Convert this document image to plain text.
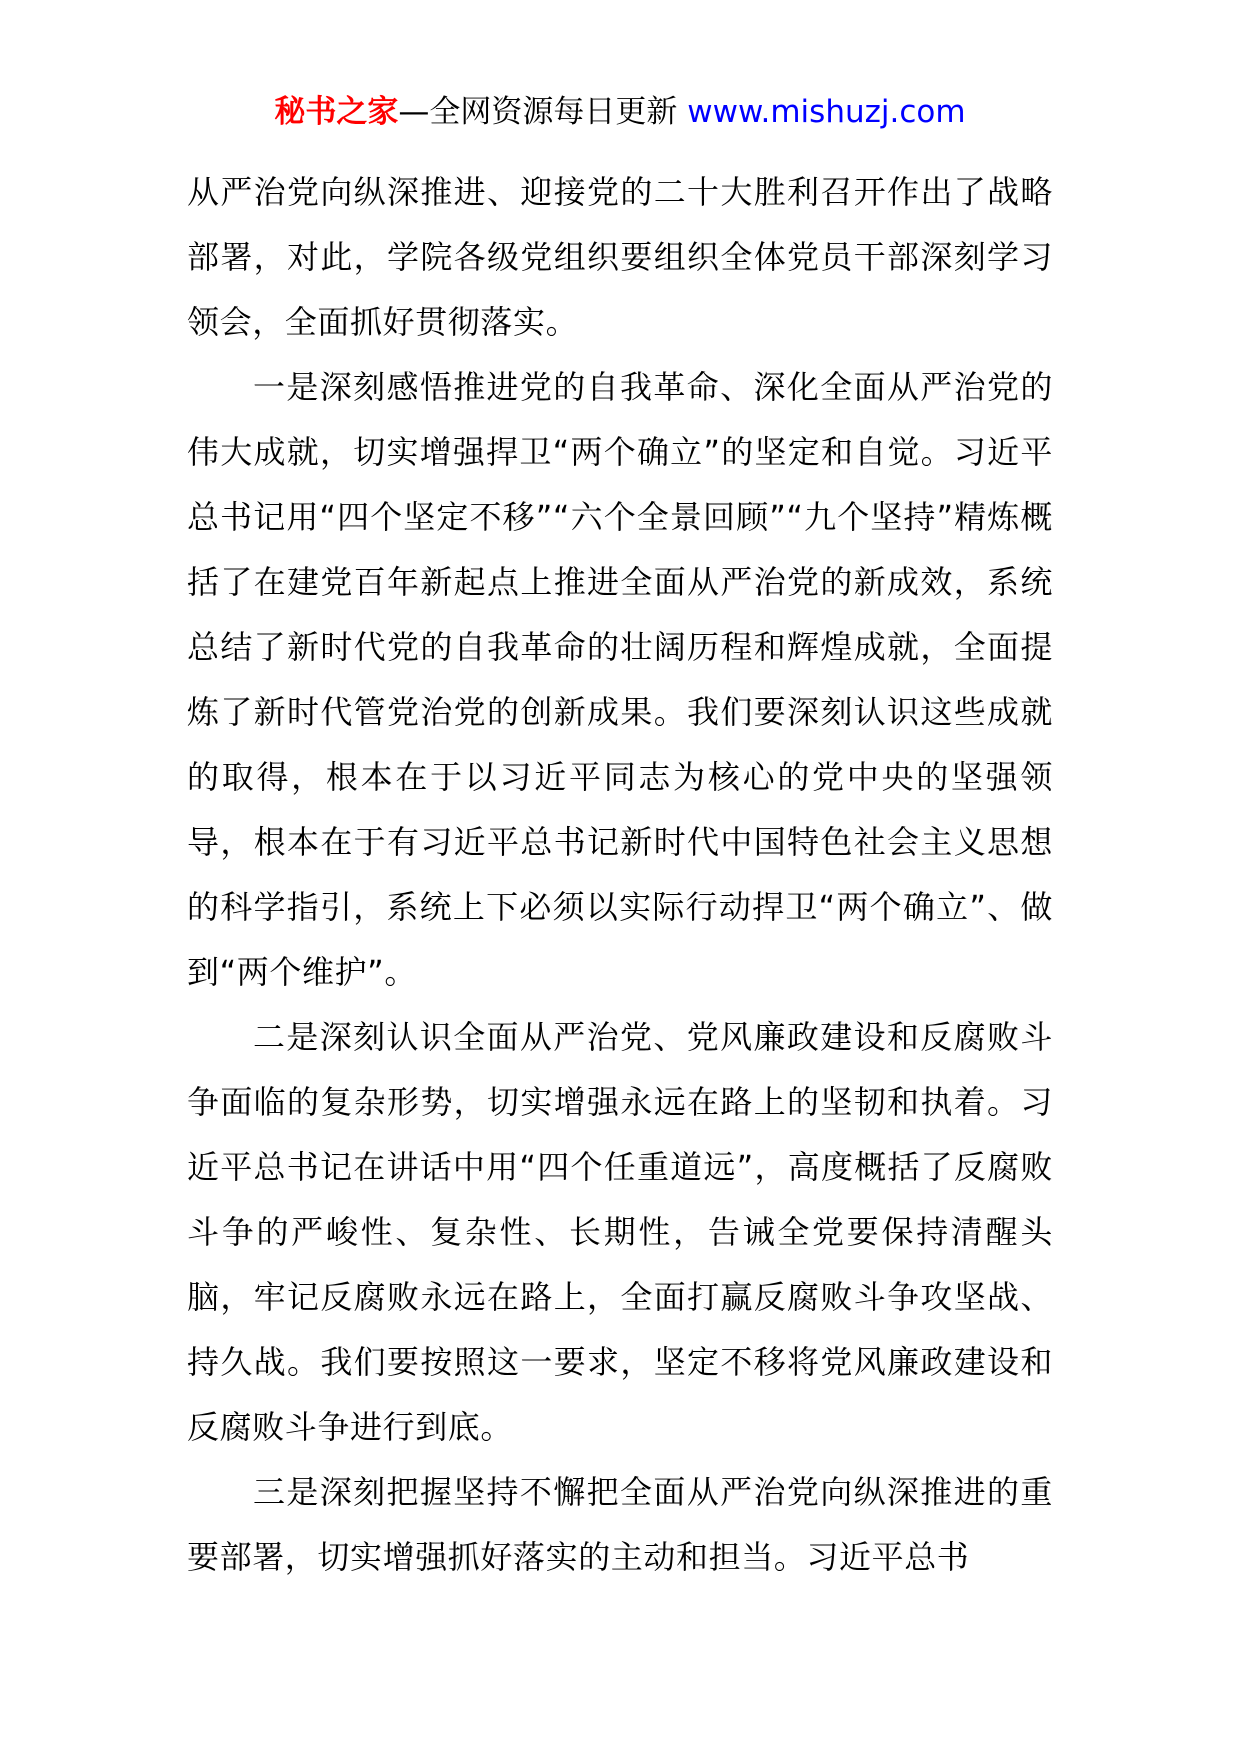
秘书之家—全网资源每日更新 www.mishuzj.com

从严治党向纵深推进、迎接党的二十大胜利召开作出了战略部署，对此，学院各级党组织要组织全体党员干部深刻学习领会，全面抓好贯彻落实。

一是深刻感悟推进党的自我革命、深化全面从严治党的伟大成就，切实增强捍卫“两个确立”的坚定和自觉。习近平总书记用“四个坚定不移”“六个全景回顾”“九个坚持”精炼概括了在建党百年新起点上推进全面从严治党的新成效，系统总结了新时代党的自我革命的壮阔历程和辉煌成就，全面提炼了新时代管党治党的创新成果。我们要深刻认识这些成就的取得，根本在于以习近平同志为核心的党中央的坚强领导，根本在于有习近平总书记新时代中国特色社会主义思想的科学指引，系统上下必须以实际行动捍卫“两个确立”、做到“两个维护”。

二是深刻认识全面从严治党、党风廉政建设和反腐败斗争面临的复杂形势，切实增强永远在路上的坚韧和执着。习近平总书记在讲话中用“四个任重道远”，高度概括了反腐败斗争的严峻性、复杂性、长期性，告诫全党要保持清醒头脑，牢记反腐败永远在路上，全面打赢反腐败斗争攻坚战、持久战。我们要按照这一要求，坚定不移将党风廉政建设和反腐败斗争进行到底。

三是深刻把握坚持不懈把全面从严治党向纵深推进的重要部署，切实增强抓好落实的主动和担当。习近平总书
